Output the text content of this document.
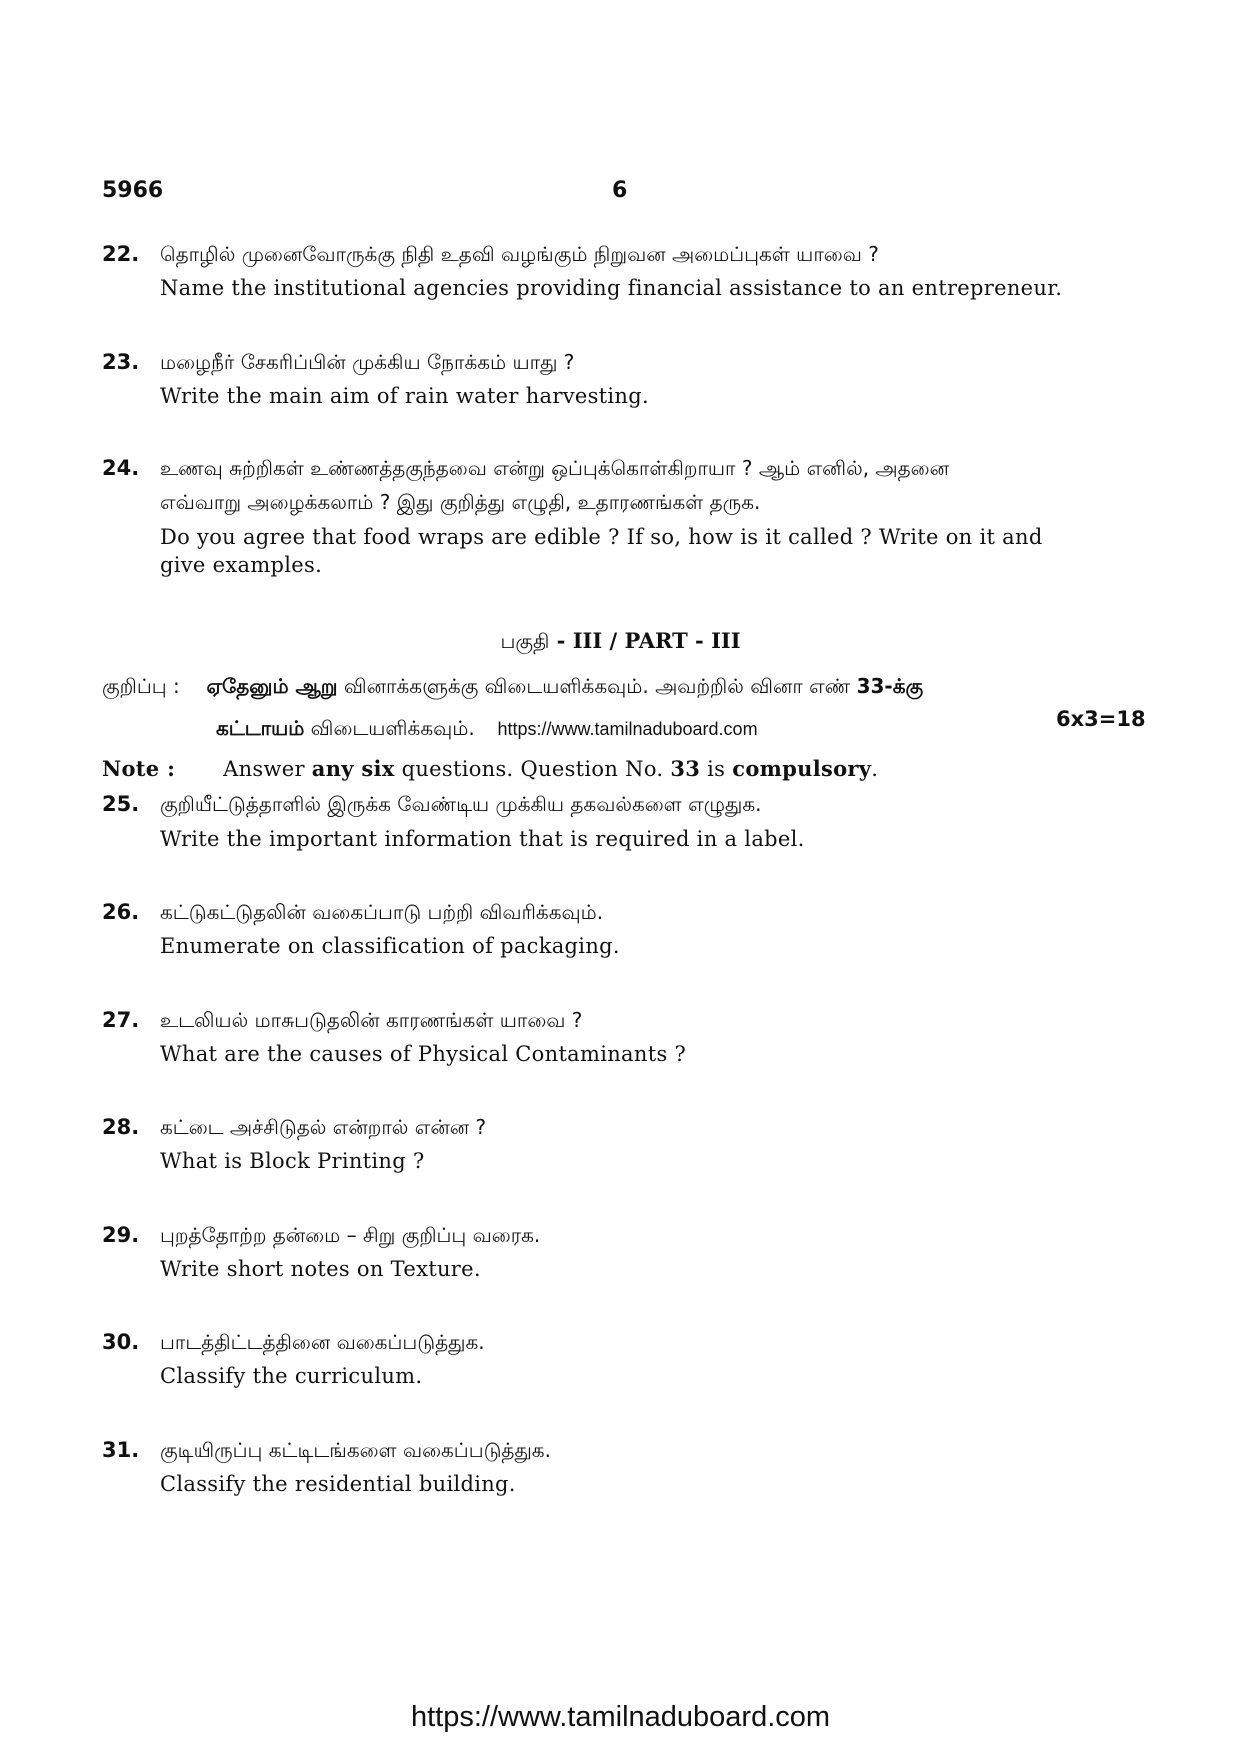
5966	6
22. தொழில் முனைவோருக்கு நிதி உதவி வழங்கும் நிறுவன அமைப்புகள் யாவை ?
Name the institutional agencies providing financial assistance to an entrepreneur.
23. மழைநீர் சேகரிப்பின் முக்கிய நோக்கம் யாது ?
Write the main aim of rain water harvesting.
24. உணவு சுற்றிகள் உண்ணத்தகுந்தவை என்று ஒப்புக்கொள்கிறாயா ? ஆம் எனில், அதனை
எவ்வாறு அழைக்கலாம் ? இது குறித்து எழுதி, உதாரணங்கள் தருக.
Do you agree that food wraps are edible ? If so, how is it called ? Write on it and
give examples.
பகுதி - III / PART - III
குறிப்பு : ஏதேனும் ஆறு வினாக்களுக்கு விடையளிக்கவும். அவற்றில் வினா எண் 33-க்கு
கட்டாயம் விடையளிக்கவும். https://www.tamilnaduboard.com	6x3=18
Note : Answer any six questions. Question No. 33 is compulsory.
25. குறியீட்டுத்தாளில் இருக்க வேண்டிய முக்கிய தகவல்களை எழுதுக.
Write the important information that is required in a label.
26. கட்டுகட்டுதலின் வகைப்பாடு பற்றி விவரிக்கவும்.
Enumerate on classification of packaging.
27. உடலியல் மாசுபடுதலின் காரணங்கள் யாவை ?
What are the causes of Physical Contaminants ?
28. கட்டை அச்சிடுதல் என்றால் என்ன ?
What is Block Printing ?
29. புறத்தோற்ற தன்மை – சிறு குறிப்பு வரைக.
Write short notes on Texture.
30. பாடத்திட்டத்தினை வகைப்படுத்துக.
Classify the curriculum.
31. குடியிருப்பு கட்டிடங்களை வகைப்படுத்துக.
Classify the residential building.
https://www.tamilnaduboard.com
